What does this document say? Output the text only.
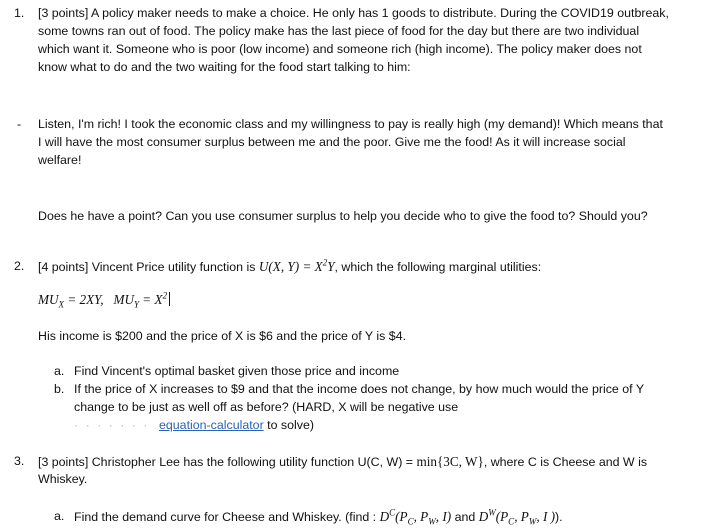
1. [3 points] A policy maker needs to make a choice. He only has 1 goods to distribute. During the COVID19 outbreak,
some towns ran out of food. The policy make has the last piece of food for the day but there are two individual
which want it. Someone who is poor (low income) and someone rich (high income). The policy maker does not
know what to do and the two waiting for the food start talking to him:
- Listen, I'm rich! I took the economic class and my willingness to pay is really high (my demand)! Which means that
I will have the most consumer surplus between me and the poor. Give me the food! As it will increase social
welfare!
Does he have a point? Can you use consumer surplus to help you decide who to give the food to? Should you?
2. [4 points] Vincent Price utility function is U(X, $Y) = X^2Y$, which the following marginal utilities:
$MU_X = 2XY$, $MU_Y = X^2$
His income is $200 and the price of X is $6 and the price of Y is $4.
a. Find Vincent's optimal basket given those price and income
b. If the price of X increases to $9 and that the income does not change, by how much would the price of Y
change to be just as well off as before? (HARD, X will be negative use
· · · · · · · equation-calculator to solve)
3. [3 points] Christopher Lee has the following utility function U(C, W) = min{3C, W}, where C is Cheese and W is
Whiskey.
a. Find the demand curve for Cheese and Whiskey. (find : $D^C(P_C$, $P_W$, I) and $D^W(P_C$, $P_W$, I )).
